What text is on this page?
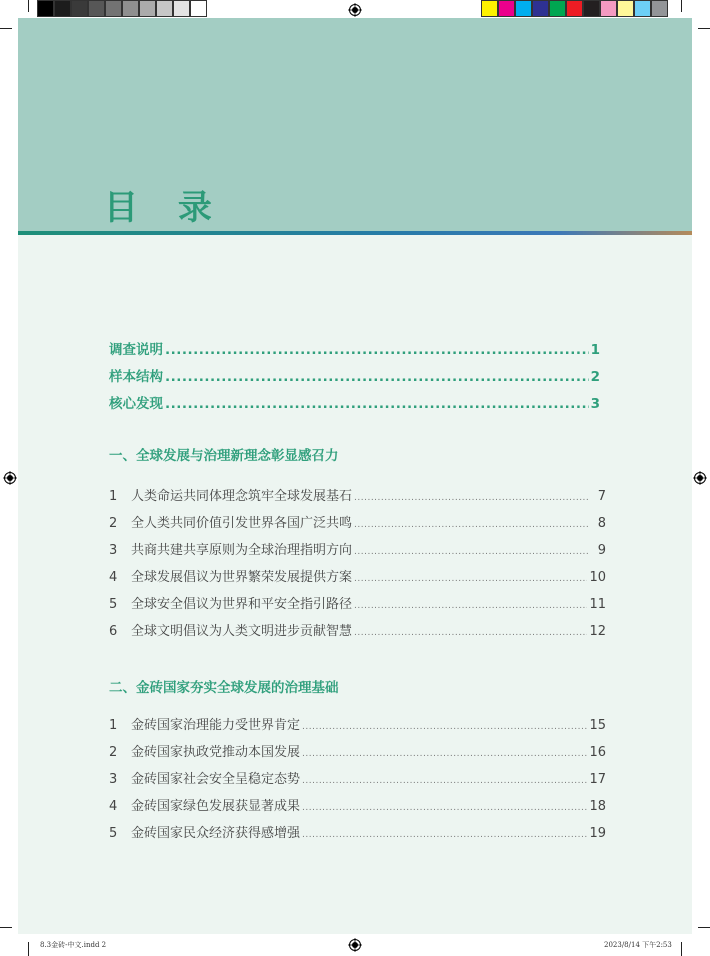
目 录
调查说明 .....	1
样本结构 .....	2
核心发现 .....	3
一、全球发展与治理新理念彰显感召力
1	人类命运共同体理念筑牢全球发展基石 .....	7
2	全人类共同价值引发世界各国广泛共鸣 .....	8
3	共商共建共享原则为全球治理指明方向 .....	9
4	全球发展倡议为世界繁荣发展提供方案 .....	10
5	全球安全倡议为世界和平安全指引路径 .....	11
6	全球文明倡议为人类文明进步贡献智慧 .....	12
二、金砖国家夯实全球发展的治理基础
1	金砖国家治理能力受世界肯定 .....	15
2	金砖国家执政党推动本国发展 .....	16
3	金砖国家社会安全呈稳定态势 .....	17
4	金砖国家绿色发展获显著成果 .....	18
5	金砖国家民众经济获得感增强 .....	19
8.3金砖-中文.indd 2	2023/8/14 下午2:53
